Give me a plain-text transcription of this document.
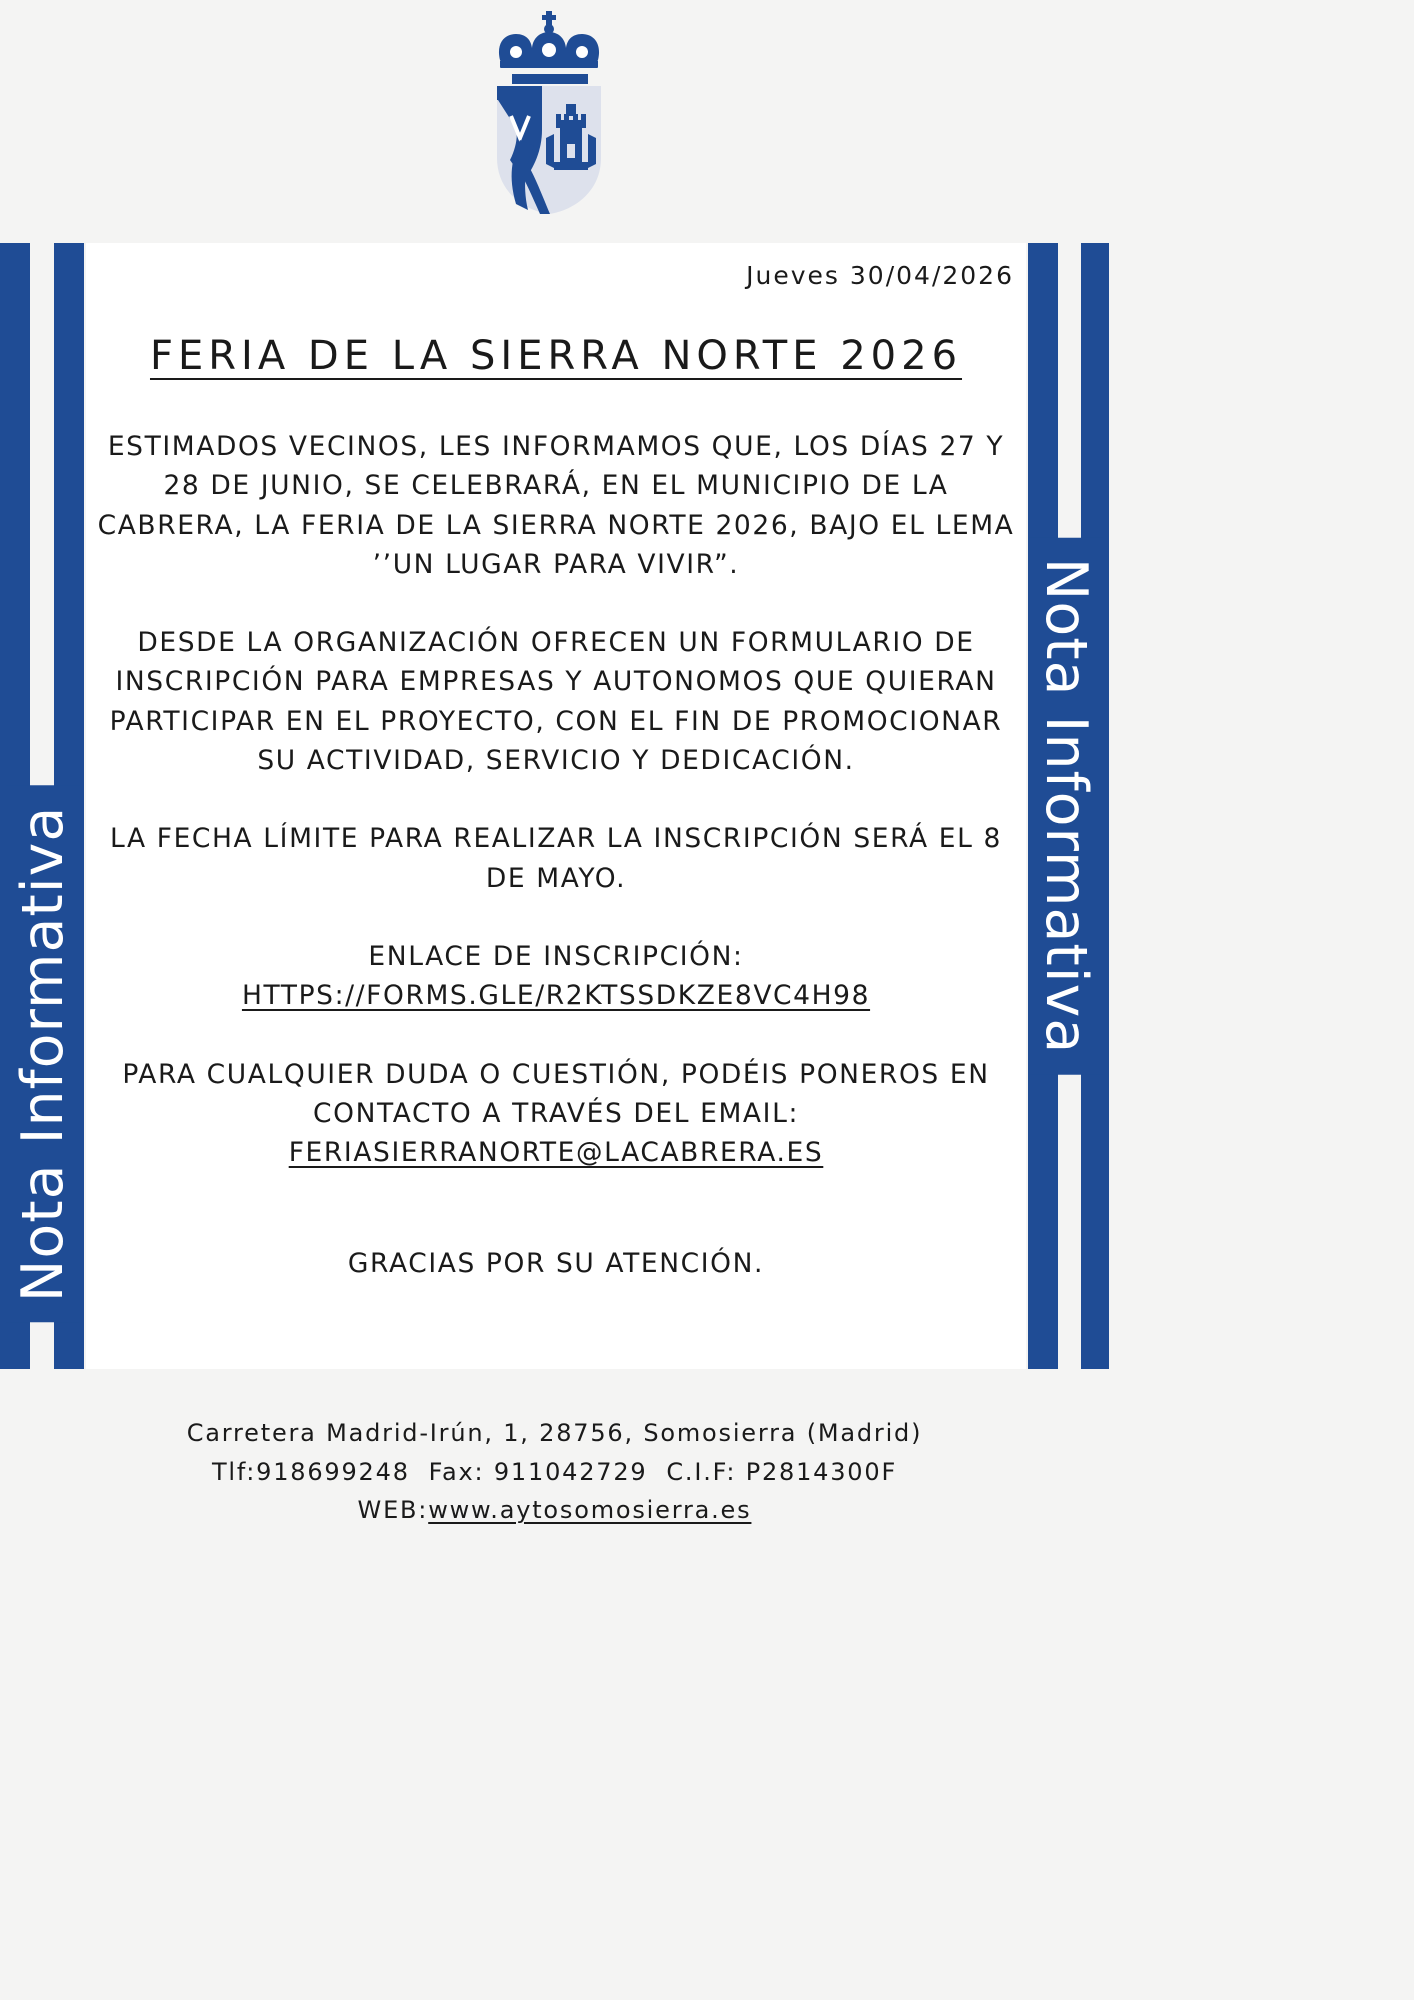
Nota Informativa	Nota Informativa
Jueves 30/04/2026
FERIA DE LA SIERRA NORTE 2026

ESTIMADOS VECINOS, LES INFORMAMOS QUE, LOS DÍAS 27 Y 28 DE JUNIO, SE CELEBRARÁ, EN EL MUNICIPIO DE LA CABRERA, LA FERIA DE LA SIERRA NORTE 2026, BAJO EL LEMA ’’UN LUGAR PARA VIVIR”.

DESDE LA ORGANIZACIÓN OFRECEN UN FORMULARIO DE INSCRIPCIÓN PARA EMPRESAS Y AUTONOMOS QUE QUIERAN PARTICIPAR EN EL PROYECTO, CON EL FIN DE PROMOCIONAR SU ACTIVIDAD, SERVICIO Y DEDICACIÓN.

LA FECHA LÍMITE PARA REALIZAR LA INSCRIPCIÓN SERÁ EL 8 DE MAYO.

ENLACE DE INSCRIPCIÓN:
HTTPS://FORMS.GLE/R2KTSSDKZE8VC4H98

PARA CUALQUIER DUDA O CUESTIÓN, PODÉIS PONEROS EN CONTACTO A TRAVÉS DEL EMAIL:
FERIASIERRANORTE@LACABRERA.ES

GRACIAS POR SU ATENCIÓN.
Carretera Madrid-Irún, 1, 28756, Somosierra (Madrid)
Tlf:918699248  Fax: 911042729  C.I.F: P2814300F
WEB:www.aytosomosierra.es
